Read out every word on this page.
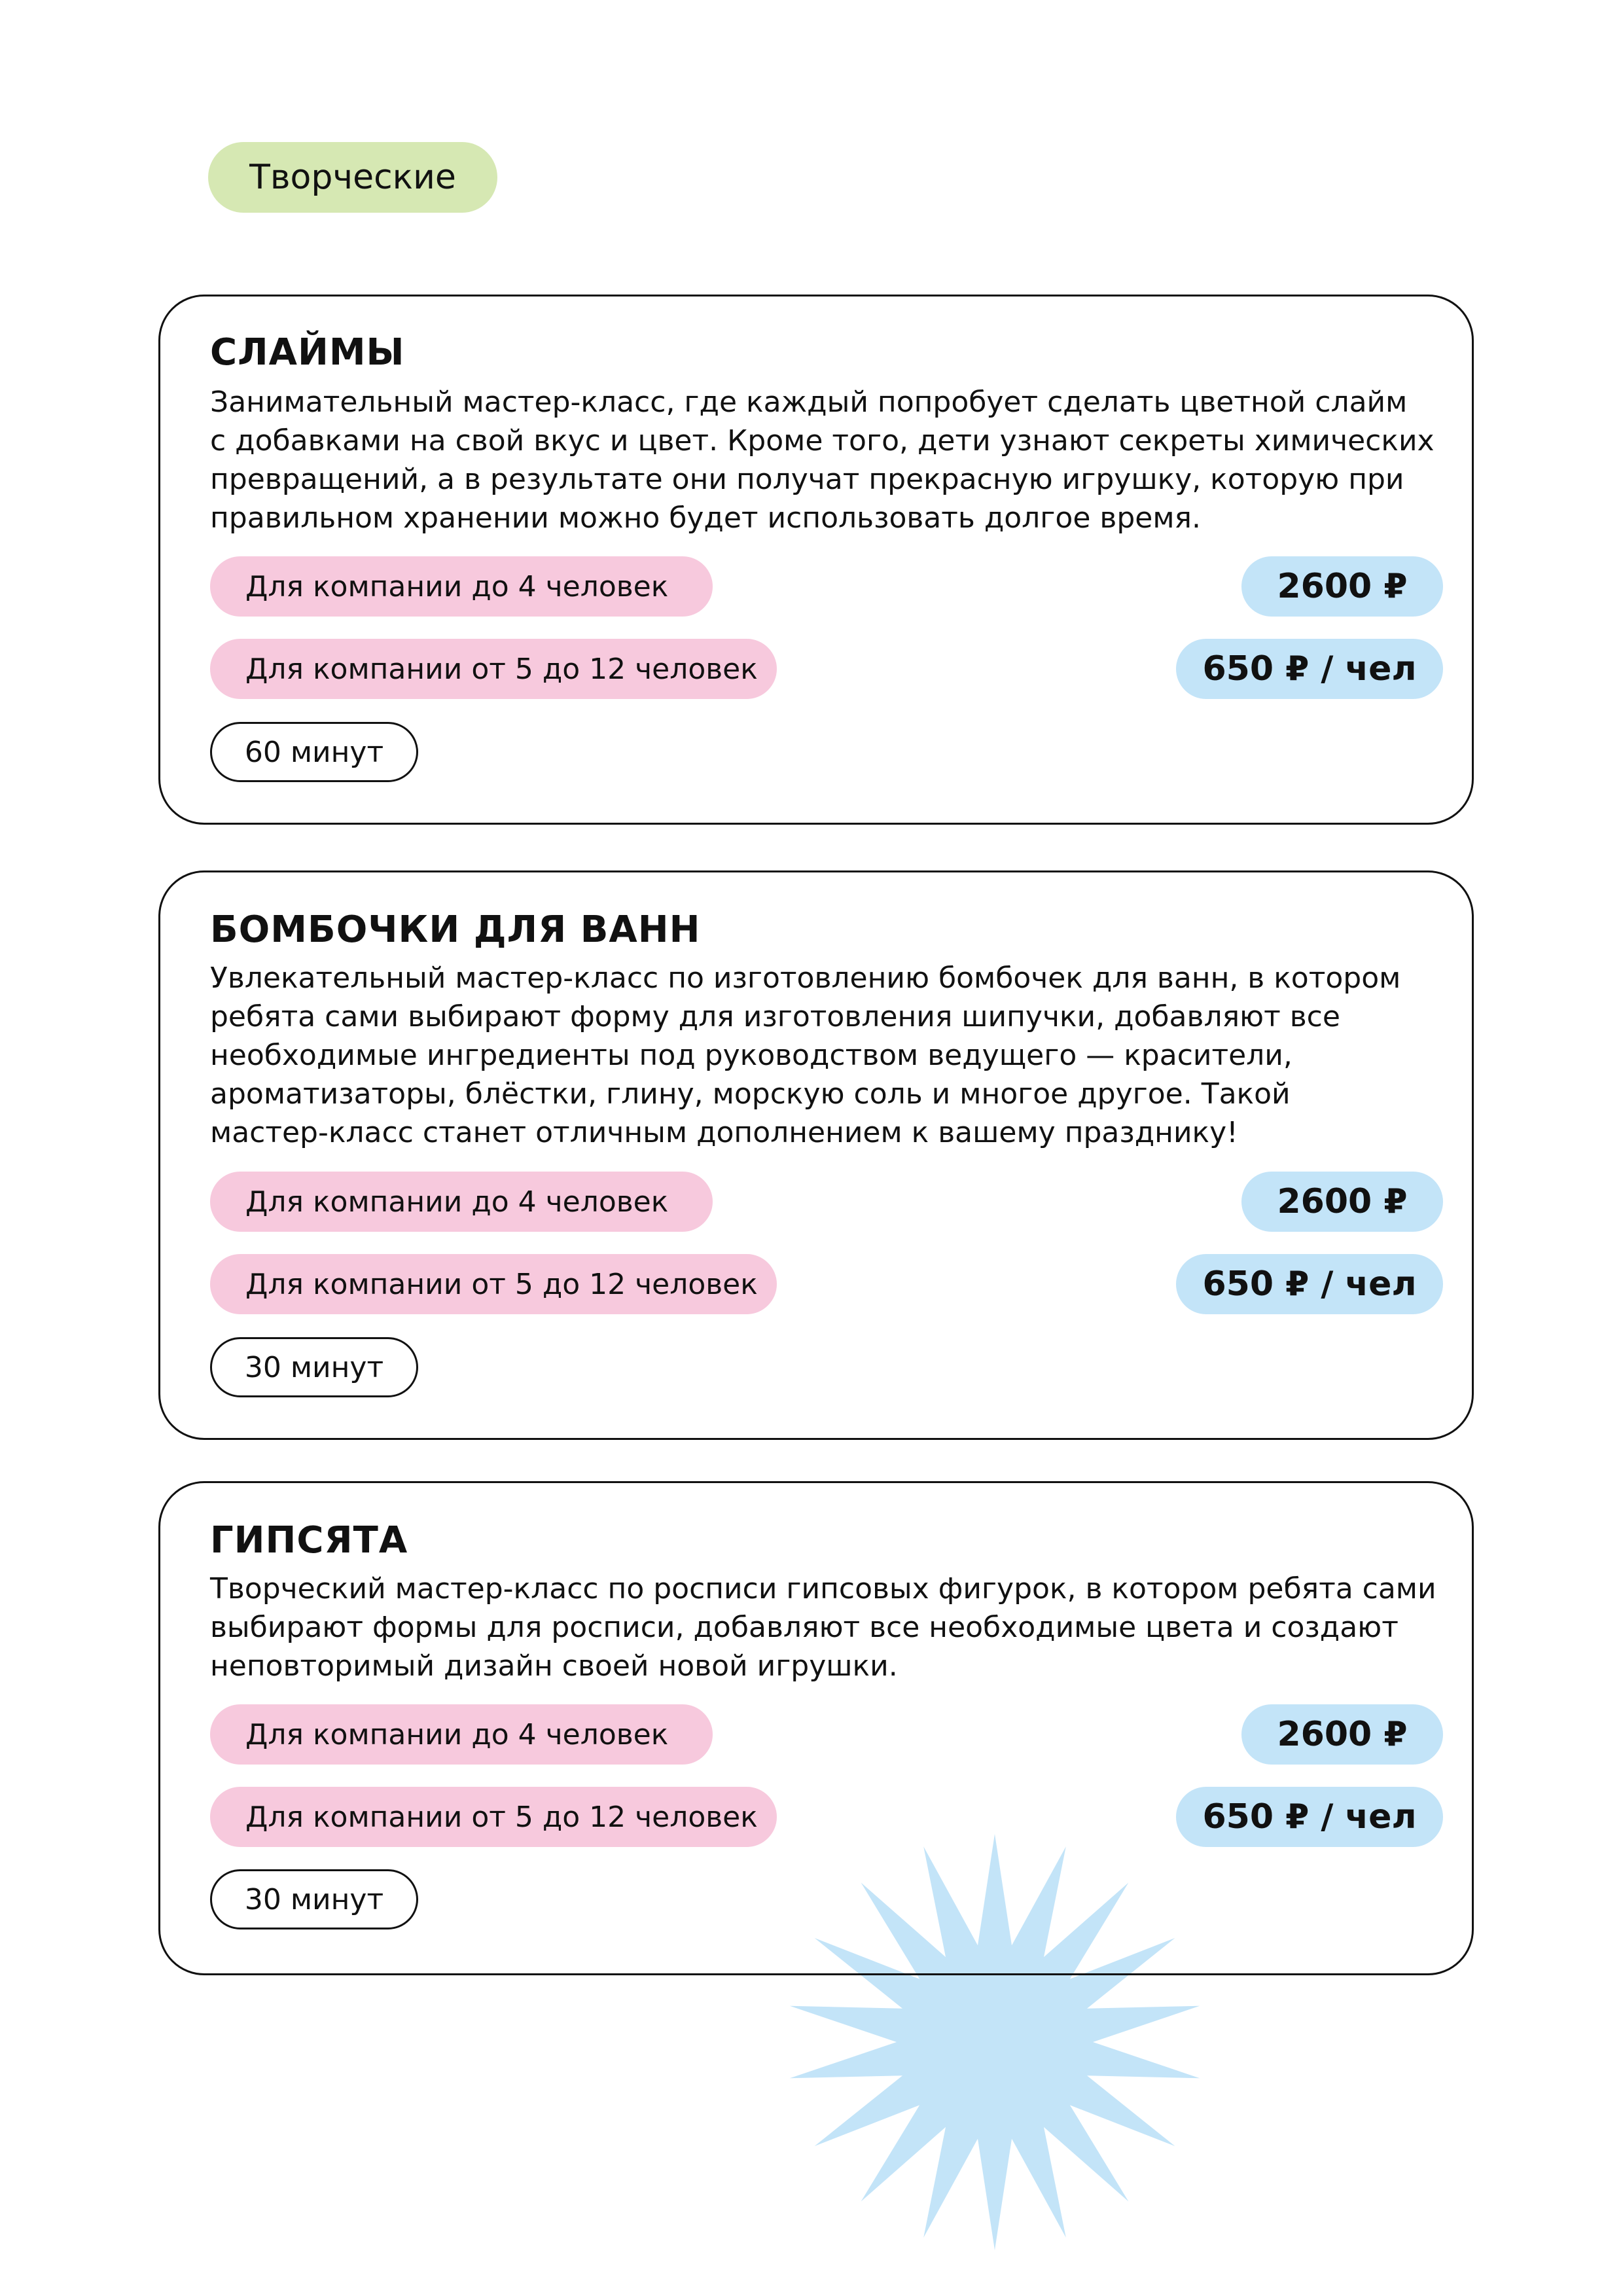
Творческие
СЛАЙМЫ

Занимательный мастер-класс, где каждый попробует сделать цветной слайм
с добавками на свой вкус и цвет. Кроме того, дети узнают секреты химических
превращений, а в результате они получат прекрасную игрушку, которую при
правильном хранении можно будет использовать долгое время.

Для компании до 4 человек	2600 ₽
Для компании от 5 до 12 человек	650 ₽ / чел
60 минут
БОМБОЧКИ ДЛЯ ВАНН

Увлекательный мастер-класс по изготовлению бомбочек для ванн, в котором
ребята сами выбирают форму для изготовления шипучки, добавляют все
необходимые ингредиенты под руководством ведущего — красители,
ароматизаторы, блёстки, глину, морскую соль и многое другое. Такой
мастер-класс станет отличным дополнением к вашему празднику!

Для компании до 4 человек	2600 ₽
Для компании от 5 до 12 человек	650 ₽ / чел
30 минут
ГИПСЯТА

Творческий мастер-класс по росписи гипсовых фигурок, в котором ребята сами
выбирают формы для росписи, добавляют все необходимые цвета и создают
неповторимый дизайн своей новой игрушки.

Для компании до 4 человек	2600 ₽
Для компании от 5 до 12 человек	650 ₽ / чел
30 минут
